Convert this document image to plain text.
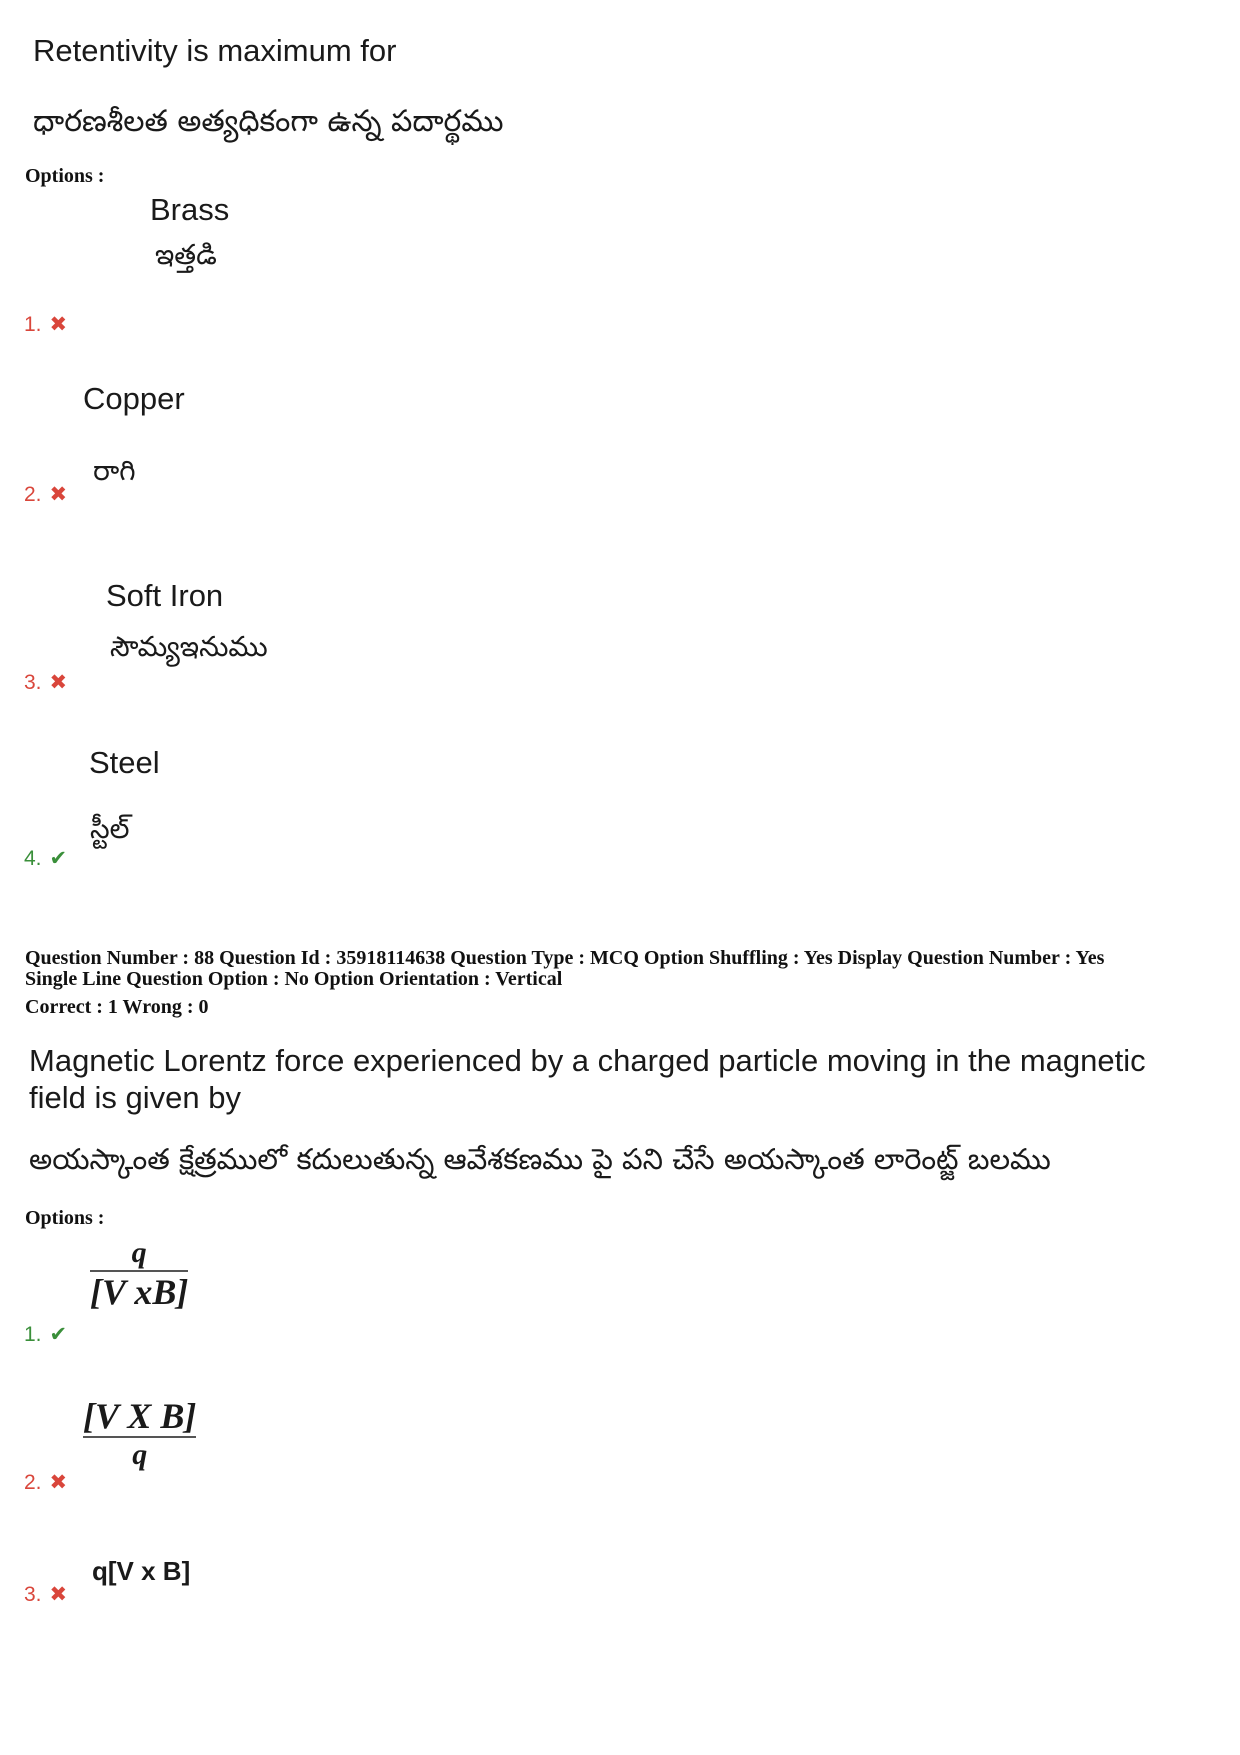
Retentivity is maximum for
ధారణశీలత అత్యధికంగా ఉన్న పదార్థము
Options :
Brass
ఇత్తడి
1. ✖
Copper
రాగి
2. ✖
Soft Iron
సౌమ్యఇనుము
3. ✖
Steel
స్టీల్
4. ✔
Question Number : 88 Question Id : 35918114638 Question Type : MCQ Option Shuffling : Yes Display Question Number : Yes
Single Line Question Option : No Option Orientation : Vertical
Correct : 1 Wrong : 0
Magnetic Lorentz force experienced by a charged particle moving in the magnetic
field is given by
అయస్కాంత క్షేత్రములో కదులుతున్న ఆవేశకణము పై పని చేసే అయస్కాంత లారెంట్జ్ బలము
Options :
q
[V xB]
1. ✔
[V X B]
q
2. ✖
q[V x B]
3. ✖
